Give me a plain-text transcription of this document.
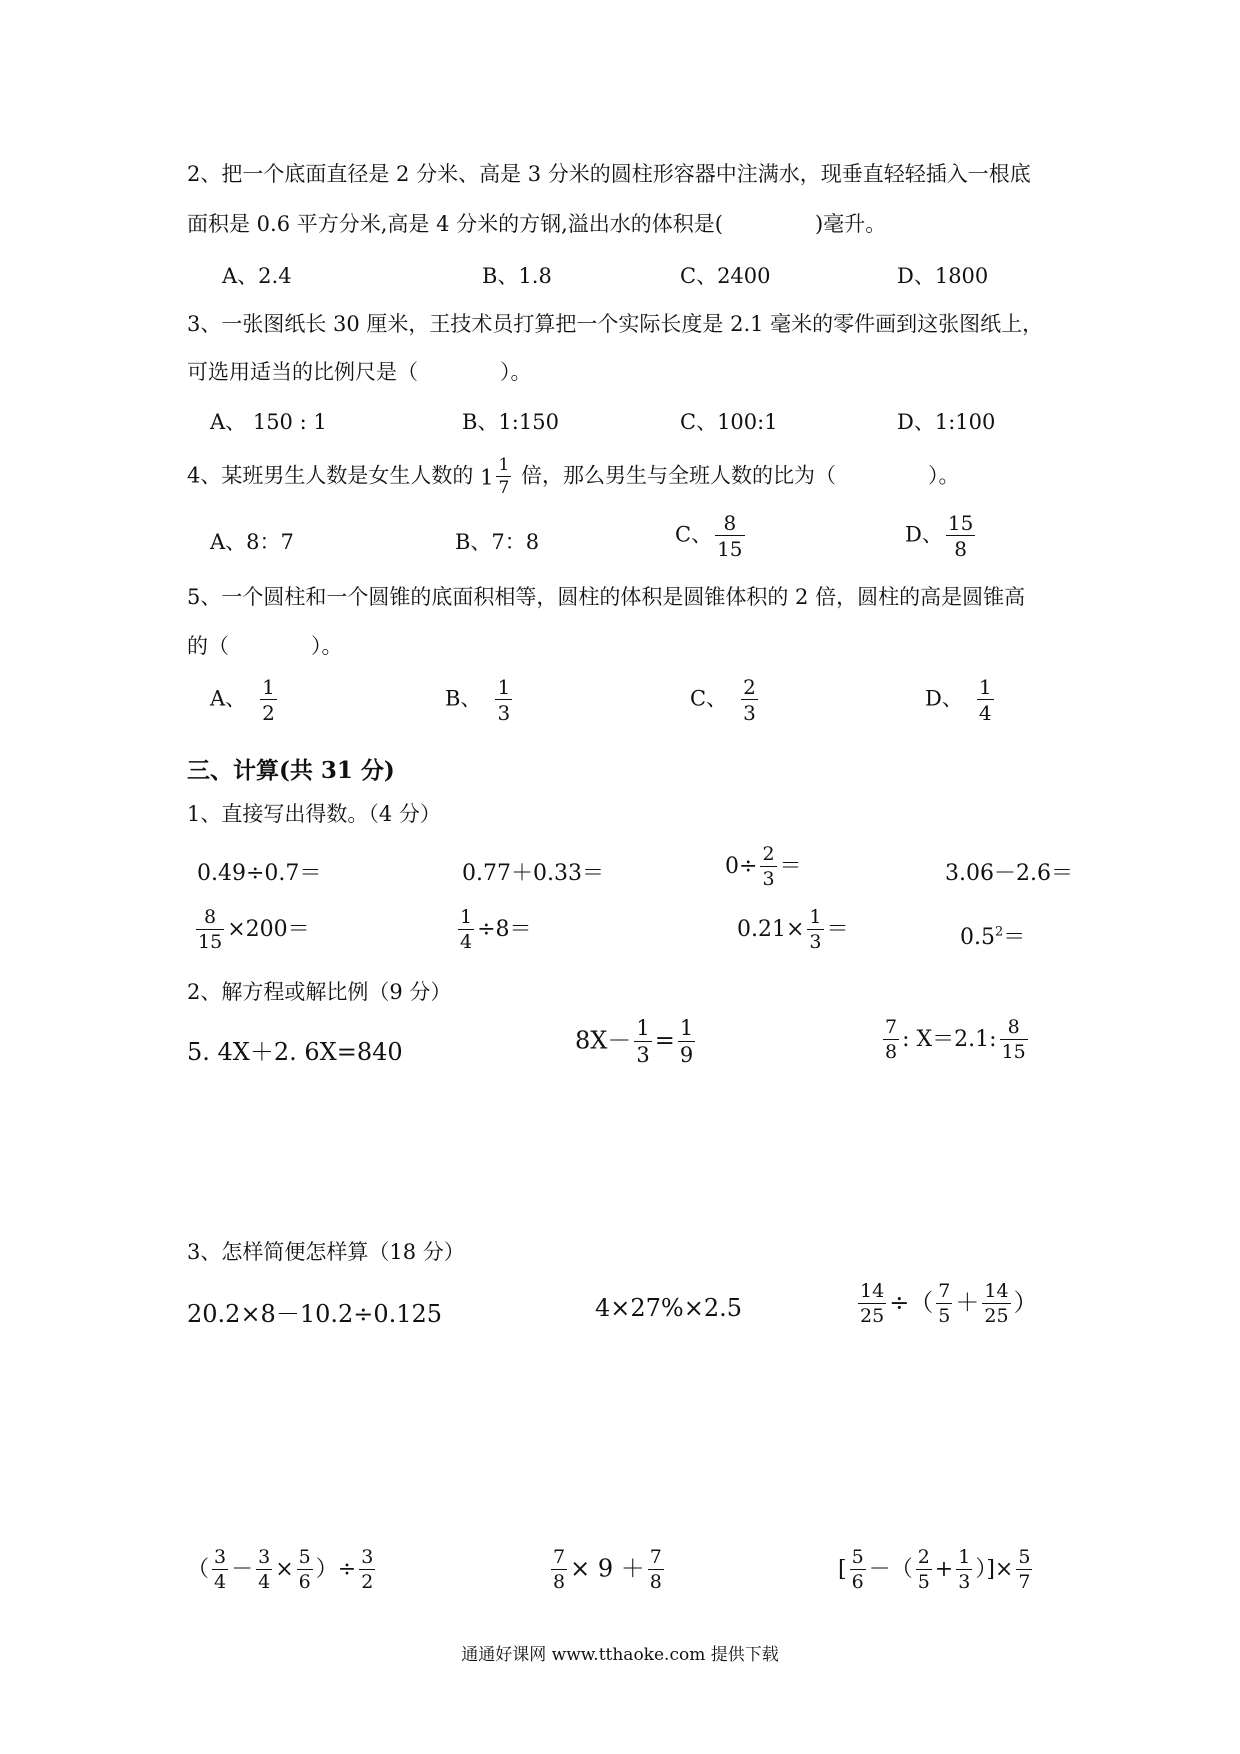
2、把一个底面直径是 2 分米、高是 3 分米的圆柱形容器中注满水，现垂直轻轻插入一根底
面积是 0.6 平方分米,高是 4 分米的方钢,溢出水的体积是(	)毫升。
A、2.4	B、1.8	C、2400	D、1800
3、一张图纸长 30 厘米，王技术员打算把一个实际长度是 2.1 毫米的零件画到这张图纸上，
可选用适当的比例尺是（	）。
A、 150 : 1	B、1:150	C、100:1	D、1:100
4、某班男生人数是女生人数的 $1 \frac{1}{7}$ 倍，那么男生与全班人数的比为（	）。
A、8：7	B、7：8	C、 $\frac{8}{15}$	D、 $\frac{15}{8}$
5、一个圆柱和一个圆锥的底面积相等，圆柱的体积是圆锥体积的 2 倍，圆柱的高是圆锥高
的（	）。
A、 $\frac{1}{2}$	B、 $\frac{1}{3}$	C、 $\frac{2}{3}$	D、 $\frac{1}{4}$
三、计算(共 31 分)
1、直接写出得数。（4 分）
0.49÷0.7＝	0.77＋0.33＝	$0\div \frac{2}{3}$ ＝	3.06－2.6＝
$\frac{8}{15} \times 200=$	$\frac{1}{4} \div 8=$	$0.21\times \frac{1}{3}$ ＝	$0.5^2=$
2、解方程或解比例（9 分）
5. 4X＋2. 6X=840	$8X- \frac{1}{3} = \frac{1}{9}$	$\frac{7}{8}$ : X＝2.1: $\frac{8}{15}$
3、怎样简便怎样算（18 分）
20.2×8－10.2÷0.125	4×27%×2.5	$\frac{14}{25}$ ÷（ $\frac{7}{5} + \frac{14}{25}$ ）
（ $\frac{3}{4} - \frac{3}{4} \times \frac{5}{6}$ ）÷ $\frac{3}{2}$	$\frac{7}{8} \times 9 + \frac{7}{8}$	[ $\frac{5}{6}$ －（ $\frac{2}{5} + \frac{1}{3}$ ）]× $\frac{5}{7}$
通通好课网 www.tthaoke.com 提供下载
